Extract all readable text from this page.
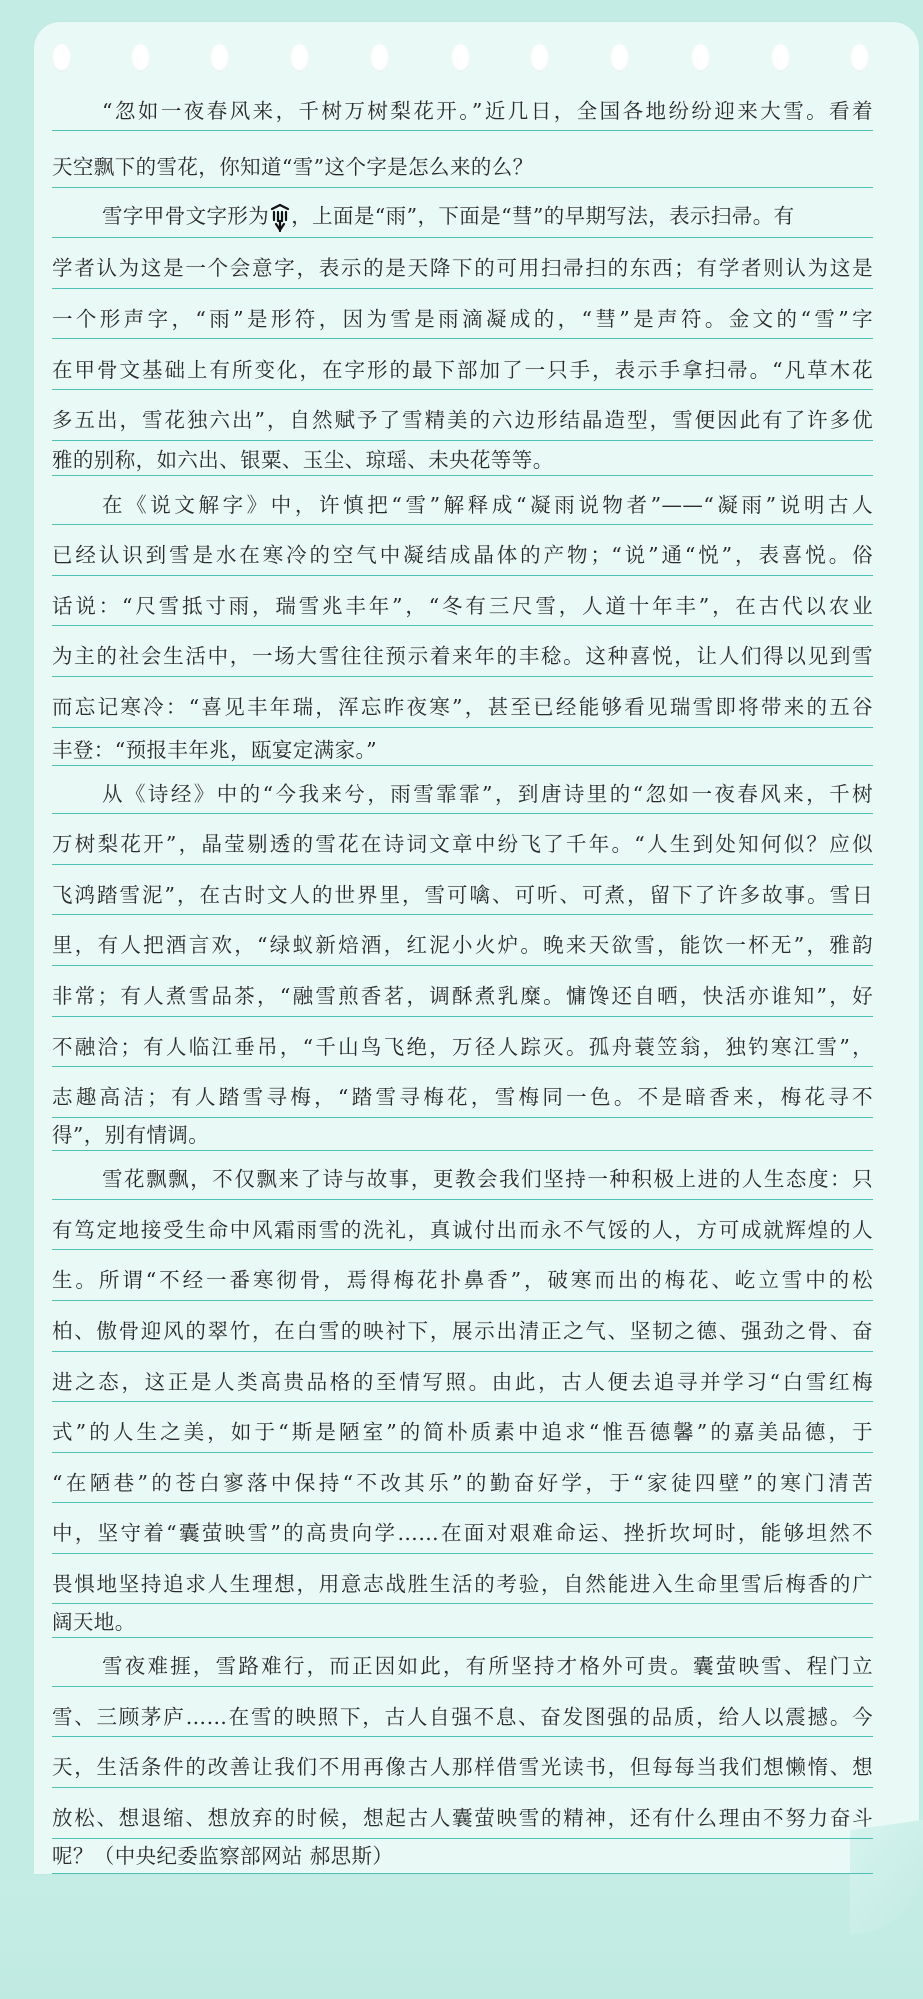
“忽如一夜春风来，千树万树梨花开。”近几日，全国各地纷纷迎来大雪。看着
天空飘下的雪花，你知道“雪”这个字是怎么来的么？
雪字甲骨文字形为 ，上面是“雨”，下面是“彗”的早期写法，表示扫帚。有
学者认为这是一个会意字，表示的是天降下的可用扫帚扫的东西；有学者则认为这是
一个形声字，“雨”是形符，因为雪是雨滴凝成的，“彗”是声符。金文的“雪”字
在甲骨文基础上有所变化，在字形的最下部加了一只手，表示手拿扫帚。“凡草木花
多五出，雪花独六出”，自然赋予了雪精美的六边形结晶造型，雪便因此有了许多优
雅的别称，如六出、银粟、玉尘、琼瑶、未央花等等。
在《说文解字》中，许慎把“雪”解释成“凝雨说物者”——“凝雨”说明古人
已经认识到雪是水在寒冷的空气中凝结成晶体的产物；“说”通“悦”，表喜悦。俗
话说：“尺雪抵寸雨，瑞雪兆丰年”，“冬有三尺雪，人道十年丰”，在古代以农业
为主的社会生活中，一场大雪往往预示着来年的丰稔。这种喜悦，让人们得以见到雪
而忘记寒冷：“喜见丰年瑞，浑忘昨夜寒”，甚至已经能够看见瑞雪即将带来的五谷
丰登：“预报丰年兆，瓯宴定满家。”
从《诗经》中的“今我来兮，雨雪霏霏”，到唐诗里的“忽如一夜春风来，千树
万树梨花开”，晶莹剔透的雪花在诗词文章中纷飞了千年。“人生到处知何似？应似
飞鸿踏雪泥”，在古时文人的世界里，雪可噙、可听、可煮，留下了许多故事。雪日
里，有人把酒言欢，“绿蚁新焙酒，红泥小火炉。晚来天欲雪，能饮一杯无”，雅韵
非常；有人煮雪品茶，“融雪煎香茗，调酥煮乳糜。慵馋还自晒，快活亦谁知”，好
不融洽；有人临江垂吊，“千山鸟飞绝，万径人踪灭。孤舟蓑笠翁，独钓寒江雪”，
志趣高洁；有人踏雪寻梅，“踏雪寻梅花，雪梅同一色。不是暗香来，梅花寻不
得”，别有情调。
雪花飘飘，不仅飘来了诗与故事，更教会我们坚持一种积极上进的人生态度：只
有笃定地接受生命中风霜雨雪的洗礼，真诚付出而永不气馁的人，方可成就辉煌的人
生。所谓“不经一番寒彻骨，焉得梅花扑鼻香”，破寒而出的梅花、屹立雪中的松
柏、傲骨迎风的翠竹，在白雪的映衬下，展示出清正之气、坚韧之德、强劲之骨、奋
进之态，这正是人类高贵品格的至情写照。由此，古人便去追寻并学习“白雪红梅
式”的人生之美，如于“斯是陋室”的简朴质素中追求“惟吾德馨”的嘉美品德，于
“在陋巷”的苍白寥落中保持“不改其乐”的勤奋好学，于“家徒四壁”的寒门清苦
中，坚守着“囊萤映雪”的高贵向学……在面对艰难命运、挫折坎坷时，能够坦然不
畏惧地坚持追求人生理想，用意志战胜生活的考验，自然能进入生命里雪后梅香的广
阔天地。
雪夜难捱，雪路难行，而正因如此，有所坚持才格外可贵。囊萤映雪、程门立
雪、三顾茅庐……在雪的映照下，古人自强不息、奋发图强的品质，给人以震撼。今
天，生活条件的改善让我们不用再像古人那样借雪光读书，但每每当我们想懒惰、想
放松、想退缩、想放弃的时候，想起古人囊萤映雪的精神，还有什么理由不努力奋斗
呢？（中央纪委监察部网站 郝思斯）
